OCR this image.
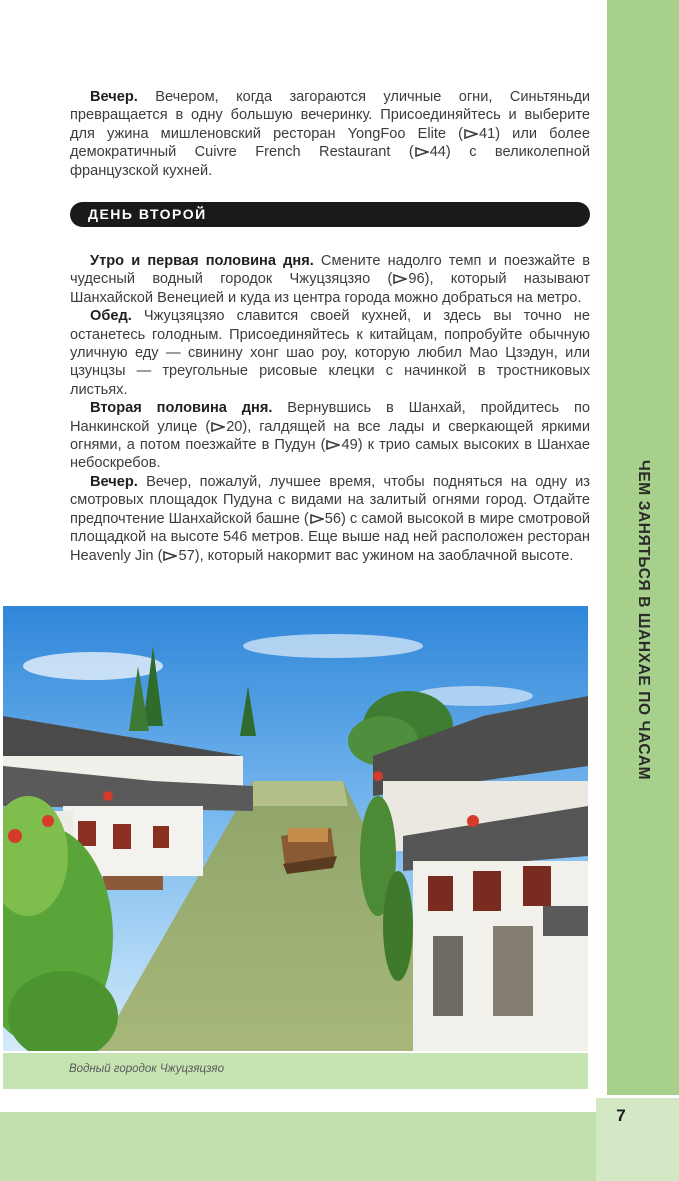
ЧЕМ ЗАНЯТЬСЯ В ШАНХАЕ ПО ЧАСАМ

Вечер. Вечером, когда загораются уличные огни, Синьтяньди превращается в одну большую вечеринку. Присоединяйтесь и выберите для ужина мишленовский ресторан YongFoo Elite ( 41) или более демократичный Cuivre French Restaurant ( 44) с великолепной французской кухней.

ДЕНЬ ВТОРОЙ

Утро и первая половина дня. Смените надолго темп и поезжайте в чудесный водный городок Чжуцзяцзяо ( 96), который называют Шанхайской Венецией и куда из центра города можно добраться на метро.

Обед. Чжуцзяцзяо славится своей кухней, и здесь вы точно не останетесь голодным. Присоединяйтесь к китайцам, попробуйте обычную уличную еду — свинину хонг шао роу, которую любил Мао Цзэдун, или цзунцзы — треугольные рисовые клецки с начинкой в тростниковых листьях.

Вторая половина дня. Вернувшись в Шанхай, пройдитесь по Нанкинской улице ( 20), галдящей на все лады и сверкающей яркими огнями, а потом поезжайте в Пудун ( 49) к трио самых высоких в Шанхае небоскребов.

Вечер. Вечер, пожалуй, лучшее время, чтобы подняться на одну из смотровых площадок Пудуна с видами на залитый огнями город. Отдайте предпочтение Шанхайской башне ( 56) с самой высокой в мире смотровой площадкой на высоте 546 метров. Еще выше над ней расположен ресторан Heavenly Jin ( 57), который накормит вас ужином на заоблачной высоте.

Водный городок Чжуцзяцзяо
7
